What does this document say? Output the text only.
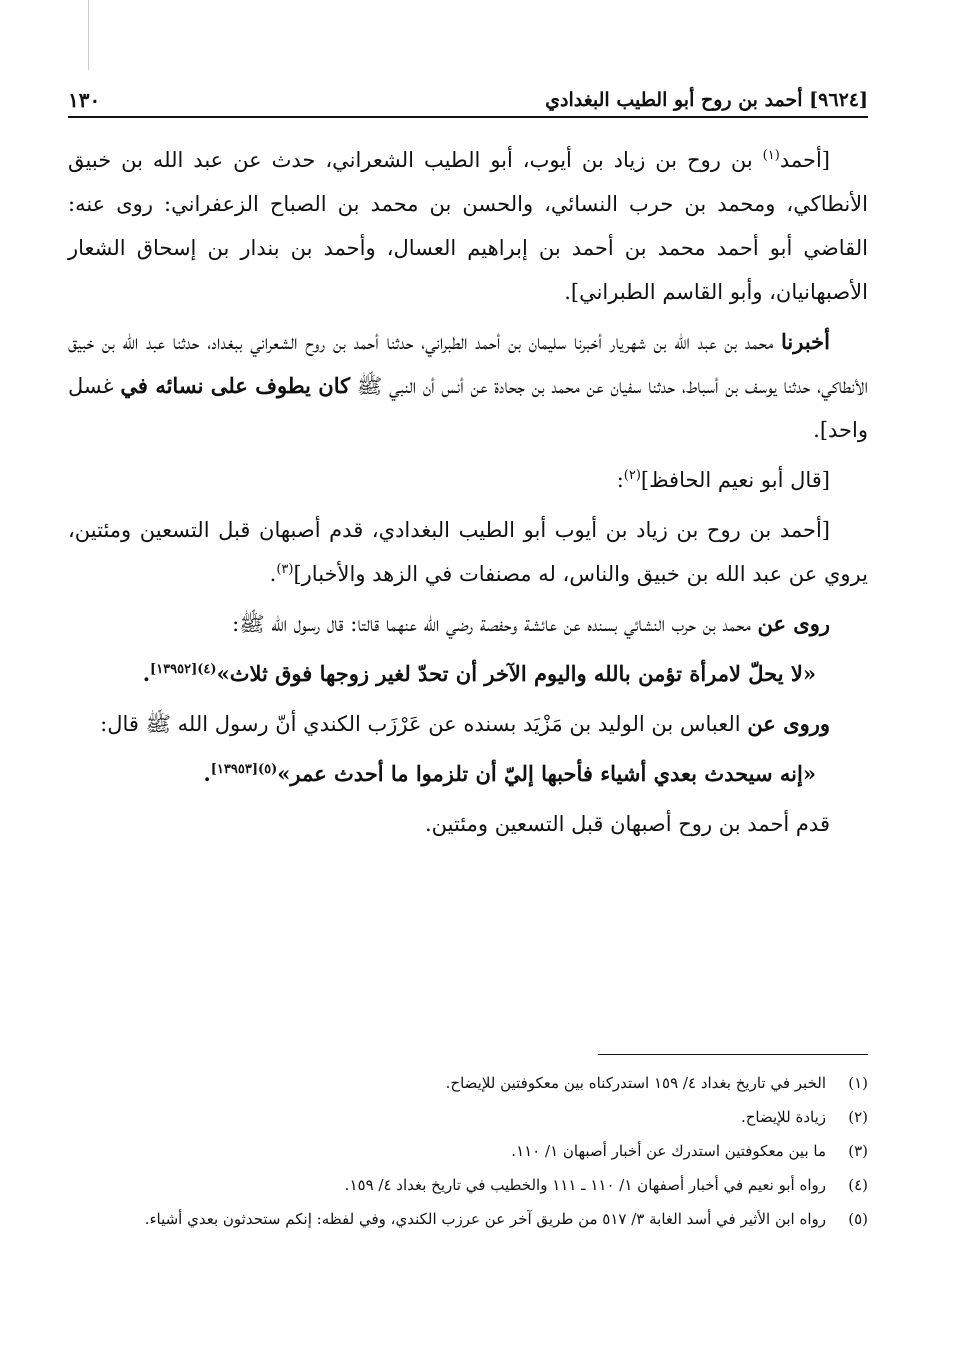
[٩٦٢٤] أحمد بن روح أبو الطيب البغدادي
١٣٠

[أحمد$^{(١)}$ بن روح بن زياد بن أيوب، أبو الطيب الشعراني، حدث عن عبد الله بن خبيق الأنطاكي، ومحمد بن حرب النسائي، والحسن بن محمد بن الصباح الزعفراني: روى عنه: القاضي أبو أحمد محمد بن أحمد بن إبراهيم العسال، وأحمد بن بندار بن إسحاق الشعار الأصبهانيان، وأبو القاسم الطبراني].

أخبرنا محمد بن عبد الله بن شهريار أخبرنا سليمان بن أحمد الطبراني، حدثنا أحمد بن روح الشعراني ببغداد، حدثنا عبد الله بن خبيق الأنطاكي، حدثنا يوسف بن أسباط، حدثنا سفيان عن محمد بن جحادة عن أنس أن النبي ﷺ كان يطوف على نسائه في غسل واحد].

[قال أبو نعيم الحافظ]$^{(٢)}$:

[أحمد بن روح بن زياد بن أيوب أبو الطيب البغدادي، قدم أصبهان قبل التسعين ومئتين، يروي عن عبد الله بن خبيق والناس، له مصنفات في الزهد والأخبار]$^{(٣)}$.

روى عن محمد بن حرب النشائي بسنده عن عائشة وحفصة رضي الله عنهما قالتا: قال رسول الله ﷺ:

«لا يحلّ لامرأة تؤمن بالله واليوم الآخر أن تحدّ لغير زوجها فوق ثلاث»$^{(٤)[١٣٩٥٢]}$.

وروى عن العباس بن الوليد بن مَزْيَد بسنده عن عَرْزَب الكندي أنّ رسول الله ﷺ قال:

«إنه سيحدث بعدي أشياء فأحبها إليّ أن تلزموا ما أحدث عمر»$^{(٥)[١٣٩٥٣]}$.

قدم أحمد بن روح أصبهان قبل التسعين ومئتين.

(١)
الخبر في تاريخ بغداد ٤/ ١٥٩ استدركناه بين معكوفتين للإيضاح.
(٢)
زيادة للإيضاح.
(٣)
ما بين معكوفتين استدرك عن أخبار أصبهان ١/ ١١٠.
(٤)
رواه أبو نعيم في أخبار أصفهان ١/ ١١٠ ـ ١١١ والخطيب في تاريخ بغداد ٤/ ١٥٩.
(٥)
رواه ابن الأثير في أسد الغابة ٣/ ٥١٧ من طريق آخر عن عرزب الكندي، وفي لفظه: إنكم ستحدثون بعدي أشياء.
